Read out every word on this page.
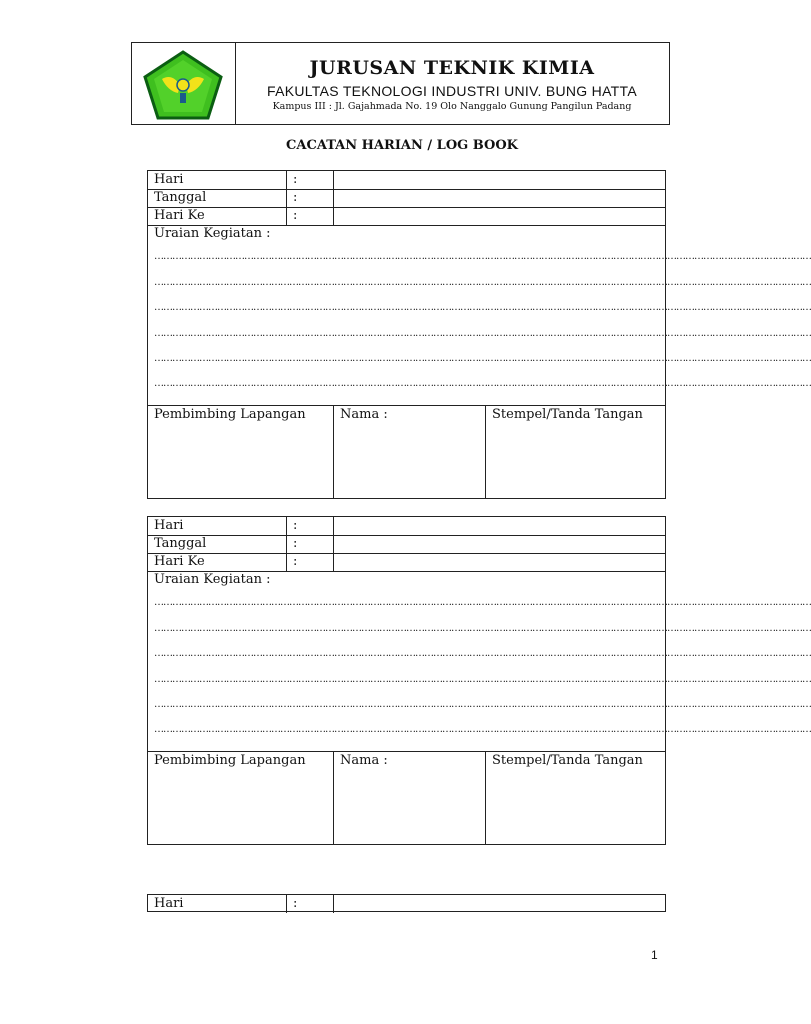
JURUSAN TEKNIK KIMIA
FAKULTAS TEKNOLOGI INDUSTRI UNIV. BUNG HATTA
Kampus III : Jl. Gajahmada No. 19 Olo Nanggalo Gunung Pangilun Padang
CACATAN HARIAN / LOG BOOK
Hari	:
Tanggal	:
Hari Ke	:
Uraian Kegiatan :
…………………………………………………………………………………………………………………………………………………………………………………………………
…………………………………………………………………………………………………………………………………………………………………………………………………
…………………………………………………………………………………………………………………………………………………………………………………………………
…………………………………………………………………………………………………………………………………………………………………………………………………
…………………………………………………………………………………………………………………………………………………………………………………………………
…………………………………………………………………………………………………………………………………………………………………………………………………
Pembimbing Lapangan	Nama :	Stempel/Tanda Tangan
Hari	:
Tanggal	:
Hari Ke	:
Uraian Kegiatan :
…………………………………………………………………………………………………………………………………………………………………………………………………
…………………………………………………………………………………………………………………………………………………………………………………………………
…………………………………………………………………………………………………………………………………………………………………………………………………
…………………………………………………………………………………………………………………………………………………………………………………………………
…………………………………………………………………………………………………………………………………………………………………………………………………
…………………………………………………………………………………………………………………………………………………………………………………………………
Pembimbing Lapangan	Nama :	Stempel/Tanda Tangan
Hari	:
1
